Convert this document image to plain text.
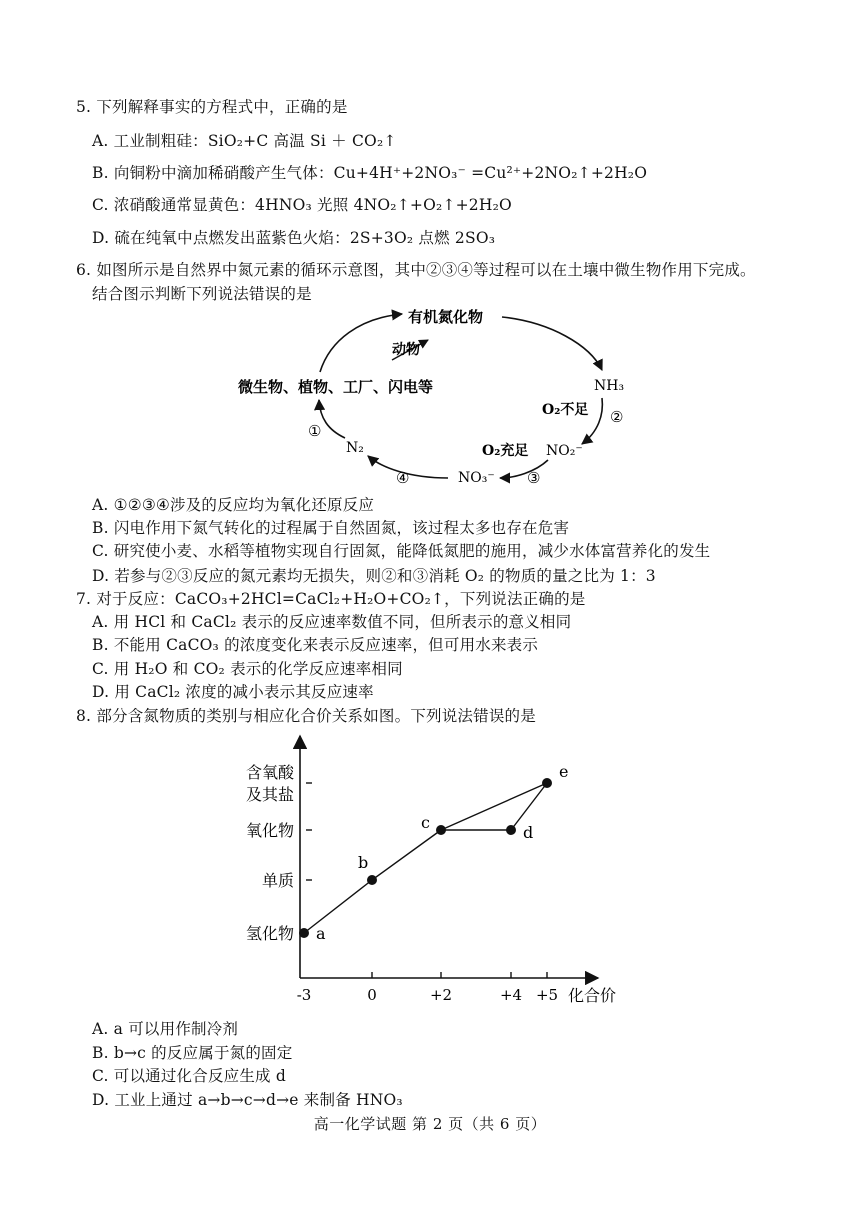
5. 下列解释事实的方程式中，正确的是
A. 工业制粗硅：SiO₂+C 高温 Si ＋ CO₂↑
B. 向铜粉中滴加稀硝酸产生气体：Cu+4H⁺+2NO₃⁻ =Cu²⁺+2NO₂↑+2H₂O
C. 浓硝酸通常显黄色：4HNO₃ 光照 4NO₂↑+O₂↑+2H₂O
D. 硫在纯氧中点燃发出蓝紫色火焰：2S+3O₂ 点燃 2SO₃
6. 如图所示是自然界中氮元素的循环示意图，其中②③④等过程可以在土壤中微生物作用下完成。
结合图示判断下列说法错误的是
有机氮化物
动物
微生物、植物、工厂、闪电等	NH₃
O₂不足 ②
O₂充足 NO₂⁻
③
NO₃⁻
④
N₂
①
A. ①②③④涉及的反应均为氧化还原反应
B. 闪电作用下氮气转化的过程属于自然固氮，该过程太多也存在危害
C. 研究使小麦、水稻等植物实现自行固氮，能降低氮肥的施用，减少水体富营养化的发生
D. 若参与②③反应的氮元素均无损失，则②和③消耗 O₂ 的物质的量之比为 1：3
7. 对于反应：CaCO₃+2HCl=CaCl₂+H₂O+CO₂↑，下列说法正确的是
A. 用 HCl 和 CaCl₂ 表示的反应速率数值不同，但所表示的意义相同
B. 不能用 CaCO₃ 的浓度变化来表示反应速率，但可用水来表示
C. 用 H₂O 和 CO₂ 表示的化学反应速率相同
D. 用 CaCl₂ 浓度的减小表示其反应速率
8. 部分含氮物质的类别与相应化合价关系如图。下列说法错误的是
-3	0	+2	+4 +5
氢化物
单质
氧化物
含氧酸
及其盐
a
b
c
d
e
化合价
A. a 可以用作制冷剂
B. b→c 的反应属于氮的固定
C. 可以通过化合反应生成 d
D. 工业上通过 a→b→c→d→e 来制备 HNO₃
高一化学试题 第 2 页（共 6 页）
